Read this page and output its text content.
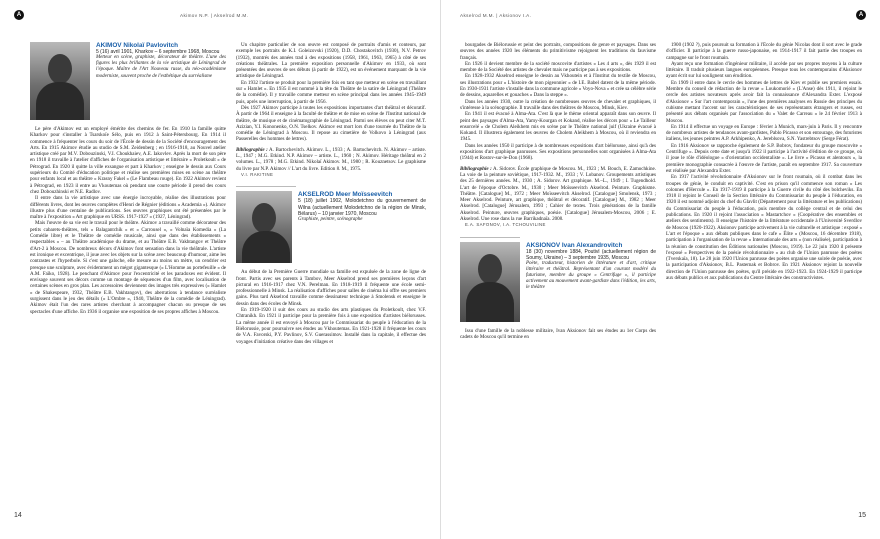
A	Akimov N.P. | Akselrod M.M.
AKIMOV Nikolaï Pavlovitch
5 (16) avril 1901, Kharkov – 6 septembre 1968, Moscou
Metteur en scène, graphiste, décorateur de théâtre. L'une des figures les plus brillantes de la vie artistique de Léningrad de l'époque. Maître de l'Art Nouveau russe, du néo-académisme moderniste, souvent proche de l'esthétique du surréalisme

Le père d'Akimov est un employé émérite des chemins de fer. En 1910 la famille quitte Kharkov pour s'installer à Tsarskoïe Sélo, puis en 1912 à Saint-Pétersbourg. En 1914 il commence à fréquenter les cours du soir de l'École de dessin de la Société d'encouragement des Arts. En 1915 Akimov étudie au studio de S.M. Zeidenberg ; en 1916-1918, au Nouvel atelier artistique créé par M.V. Dobouzinski, V.I. Choukhaiev, A.E. Iakovlev. Après la mort de son père en 1918 il travaille à l'atelier d'affiches de l'organisation artistique et littéraire « Proletkoult » de Pétrograd. En 1920 il quitte la ville exsangue et part à Kharkov ; enseigne le dessin aux Cours supérieurs du Comité d'éducation politique et réalise ses premières mises en scène au théâtre pour enfants local et au théâtre « Krasny Fakel » (Le Flambeau rouge). En 1922 Akimov revient à Pétrograd, en 1923 il entre au Vkoutemas où pendant une courte période il prend des cours chez Dobouzhinski et N.E. Radlov.

Il entre dans la vie artistique avec une énergie incroyable, réalise des illustrations pour différents livres, dont les œuvres complètes d'Henri de Régnier (éditions « Academia »). Akimov illustre plus d'une centaine de publications. Ses œuvres graphiques ont été présentées par le maître à l'exposition « Art graphique en URSS. 1917-1927 » (1927, Léningrad).

Mais l'œuvre de sa vie est le travail pour le théâtre. Akimov a travaillé comme décorateur des petits cabarets-théâtres, tels « Balagantchik » et « Carrousel », « Volnaïa Komedia » (La Comédie libre) et le Théâtre de comédie musicale, ainsi que dans des établissements « respectables » – au Théâtre académique du drame, et au Théâtre E.B. Vakhtangov et Théâtre d'Art-2 à Moscou. De nombreux décors d'Akimov font sensation dans la vie théâtrale. L'artiste est ironique et excentrique, il joue avec les objets sur la scène avec beaucoup d'humour, aime les contrastes et l'hyperbole. Si c'est une galoche, elle mesure au moins un mètre, un cendrier est presque une sculpture, avec évidemment un mégot gigantesque (« L'Homme au portefeuille » de A.M. Faïko, 1928). Le penchant d'Akimov pour l'excentricité et les paradoxes est évident. Il envisage souvent ses décors comme un montage de séquences d'un film, avec localisation de certaines scènes en gros plan. Les accessoires deviennent des images très expressives (« Hamlet » de Shakespeare, 1932, Théâtre E.B. Vakhtangov), des aberrations à tendance surréaliste surgissent dans le jeu des détails (« L'Ombre », 1940, Théâtre de la comédie de Léningrad). Akimov était l'un des rares artistes cherchant à accompagner chacun ou presque de ses spectacles d'une affiche. En 1936 il organise une exposition de ses propres affiches à Moscou.

Un chapitre particulier de son œuvre est composé de portraits d'amis et conteurs, par exemple les portraits de K.I. Goleizovski (1920), D.D. Chostakovitch (1930), N.V. Petrov (1932), montrés des années trad à des expositions (1958, 1961, 1963, 1965) à côté de ses créations théâtrales. La première exposition personnelle d'Akimov en 1933, où sont présentées des œuvres de ses débuts (à partir de 1922), est un événement marquant de la vie artistique de Léningrad.

En 1932 l'artiste se produit pour la première fois en tant que metteur en scène en travaillant sur « Hamlet ». En 1935 il est nommé à la tête du Théâtre de la satire de Léningrad (Théâtre de la comédie). Il y travaille comme metteur en scène principal dans les années 1945-1949 puis, après une interruption, à partir de 1956.

Dès 1927 Akimov participe à toutes les expositions importantes d'art théâtral et décoratif. À partir de 1964 il enseigne à la faculté de théâtre et de mise en scène de l'Institut national de théâtre, de musique et de cinématographie de Léningrad. Parmi ses élèves on peut citer M.T. Azizian, Y.I. Kononenko, O.N. Tselkov. Akimov est mort lors d'une tournée du Théâtre de la comédie de Léningrad à Moscou. Il repose au cimetière de Volkovo à Léningrad (aux Passerelles des hommes de lettres).

Bibliographie : A. Bartochevitch. Akimov. L., 1933 ; A. Bartochevitch. N. Akimov – artiste. L., 1947 ; M.G. Etkind. N.P. Akimov – artiste. L., 1960 ; N. Akimov. Héritage théâtral en 2 volumes. L., 1978 ; M.G. Etkind. Nikolaï Akimov. M., 1980 ; R. Kouznetsov. Le graphisme du livre par N.P. Akimov // L'art du livre. Edition 8. M., 1975.

V.I. RAKITINE

AKSELROD Meer Moïsseevitch
5 (18) juillet 1902, Molodetchno du gouvernement de Wilna (actuellement Molodetchno de la région de Minsk, Bélarus) – 10 janvier 1970, Moscou
Graphiste, peintre, scénographe

Au début de la Première Guerre mondiale sa famille est expulsée de la zone de ligne de front. Partis avec ses parents à Tambov, Meer Akselrod prend ses premières leçons d'art pictural en 1916-1917 chez V.N. Perelman. En 1918-1919 il fréquente une école semi-professionnelle à Minsk. La réalisation d'affiches pour salles de cinéma lui offre ses premiers gains. Plus tard Akselrod travaille comme dessinateur technique à Smolensk et enseigne le dessin dans des écoles de Minsk.

En 1919-1920 il suit des cours au studio des arts plastiques du Proletkoult, chez V.F. Chtranikh. En 1921 il participe pour la première fois à une exposition d'artistes biélorusses. La même année il est envoyé à Moscou par le Commissariat du peuple à l'éducation de la Biélorussie, pour poursuivre ses études au Vkhoutemas. En 1921-1928 il fréquente les cours de V.A. Favorski, P.Y. Pavlinov, S.V. Guerassimov. Installé dans la capitale, il effectue des voyages d'initiation créative dans des villages et

14
Akselrod M.M. | Aksionov I.A.	A

bourgades de Biélorussie et peint des portraits, compositions de genre et paysages. Dans ses œuvres des années 1920 les éléments du primitivisme rejoignent les traditions du fauvisme français.

En 1926 il devient membre de la société moscovite d'artistes « Les 4 arts », dès 1929 il est membre de la Société des artistes de chevalet mais ne participe pas à ses expositions.

En 1928-1932 Akselrod enseigne le dessin au Vkhoutein et à l'Institut du textile de Moscou, ses illustrations pour « L'histoire de mon pigeonnier » de I.E. Babel datent de la même période. En 1930-1931 l'artiste s'installe dans la commune agricole « Voyo-Nova » et crée sa célèbre série de dessins, aquarelles et gouaches « Dans la steppe ».

Dans les années 1930, outre la création de nombreuses œuvres de chevalet et graphiques, il s'intéresse à la scénographie. Il travaille dans des théâtres de Moscou, Minsk, Kiev.

En 1941 il est évacué à Alma-Ata. C'est là que le thème oriental apparaît dans son œuvre. Il peint des paysages d'Alma-Ata, Yamy-Kourgan et Kokand, réalise les décors pour « Le Tailleur ensorcelé » de Cholem Aleikhem mis en scène par le Théâtre national juif (Ukraine évacué à Kokand. Il illustrera également les œuvres de Cholem Aleikhem à Moscou, où il reviendra en 1945.

Dans les années 1950 il participe à de nombreuses expositions d'art biélorusse, ainsi qu'à des expositions d'art graphique panrusses. Ses expositions personnelles sont organisées à Alma-Ata (1944) et Rostov-sur-le-Don (1968).

Bibliographie : A. Sidorov. École graphique de Moscou. M., 1923 ; M. Bouch, E. Zamochkine. La voie de la peinture soviétique, 1917-1932. M., 1933 ; V. Lobanov. Groupements artistiques des 25 dernières années. M., 1930 ; A. Sidorov. Art graphique. M.–L., 1949 ; I. Tugendhold. L'art de l'époque d'Octobre. M., 1930 ; Meer Moïsseevitch Akselrod. Peinture. Graphisme. Théâtre. [Catalogue] M., 1972 ; Meer Moïsseevitch Akselrod. [Catalogue] Smolensk, 1973 ; Meer Akselrod. Peinture, art graphique, théâtral et décoratif. [Catalogue] M., 1982 ; Meer Akselrod. [Catalogue] Jérusalem, 1993 ; Cahier de textes. Trois générations de la famille Akselrod. Peinture, œuvres graphiques, poésie. [Catalogue] Jérusalem-Moscou, 2006 ; E. Akselrod. Une rose dans la rue Barrikadnaïa. 2008.

E.A. SAFONOV, I.A. TCHOUVILINE

AKSIONOV Ivan Alexandrovitch
18 (30) novembre 1884, Poutivl (actuellement région de Soumy, Ukraine) – 3 septembre 1935, Moscou
Poète, traducteur, historien de littérature et d'art, critique littéraire et théâtral. Représentant d'un courant modéré du futurisme, membre du groupe « Centrifuge », il participe activement au mouvement avant-gardiste dans l'édition, les arts, le théâtre

Issu d'une famille de la noblesse militaire, Ivan Aksionov fait ses études au 1er Corps des cadets de Moscou qu'il termine en

1900 (1902 ?), puis poursuit sa formation à l'École du génie Nicolas dont il sort avec le grade d'officier. Il participe à la guerre russo-japonaise, en 1914-1917 il fait partie des troupes en campagne sur le front roumain.

Ayant reçu une formation d'ingénieur militaire, il accède par ses propres moyens à la culture littéraire. Il traduit plusieurs langues européennes. Presque tous les contemporains d'Aksionov ayant écrit sur lui soulignent son érudition.

En 1909 il entre dans le cercle des hommes de lettres de Kiev et publie ses premiers essais. Membre du conseil de rédaction de la revue « Loukomorié » (L'Anse) dès 1911, il rejoint le cercle des artistes novateurs après avoir fait la connaissance d'Alexandra Exter. L'exposé d'Aksionov « Sur l'art contemporain », l'une des premières analyses en Russie des principes du cubisme mettant l'accent sur les caractéristiques de ses représentants étrangers et russes, est présenté aux débats organisés par l'association du « Valet de Carreau » le 24 février 1913 à Moscou.

En 1914 il effectue un voyage en Europe : février à Munich, mars-juin à Paris. Il y rencontre de nombreux artistes de tendances avant-gardistes, Pablo Picasso et son entourage, des futuristes italiens, les jeunes peintres A.P. Arkhipenko, A. Jereblsova, S.N. Yastrebtsov (Serge Férat).

En 1916 Aksionov se rapproche également de S.P. Bobrov, fondateur du groupe moscovite « Centrifuge ». Depuis cette date et jusqu'à 1922 il participe à l'activité d'édition de ce groupe, où il joue le rôle d'idéologue « d'orientation occidentaliste ». Le livre « Picasso et alentours », la première monographie consacrée à l'œuvre de l'artiste, paraît en septembre 1917. Sa couverture est réalisée par Alexandra Exter.

En 1917 l'activité révolutionnaire d'Aksionov sur le front roumain, où il combat dans les troupes de génie, le conduit en captivité. C'est en prison qu'il commence son roman « Les colonnes d'Hercule ». En 1917-1919 il participe à la Guerre civile du côté des bolcheviks. En 1918 il rejoint le Conseil de la Section littéraire du Commissariat du peuple à l'éducation, en 1920 il est nommé adjoint du chef du Glavlit (Département pour la littérature et les publications) du Commissariat du peuple à l'éducation, puis membre du collège central et de celui des publications. En 1920 il rejoint l'association « Mastartchov » (Coopérative des ensembles et ateliers des sentiments). Il enseigne l'histoire de la littérature occidentale à l'Université Sverdlov de Moscou (1920-1922). Aksionov participe activement à la vie culturelle et artistique : exposé « L'art et l'époque » aux débats publiques dans le cafe « Élite » (Moscou, 16 décembre 1918), participation à l'organisation de la revue « Internationale des arts » (non réalisée), participation à la réunion de constitution des Éditions nationales (Moscou, 1919). Le 22 juin 1920 il présente l'exposé « Perspectives de la poésie révolutionnaire » au club de l'Union panrusse des poètes (Tverskaïa, 18). Le 28 juin 1920 l'Union panrusse des poètes organise une soirée de poésie, avec la participation d'Aksionov, B.L. Pasternak et Bobrov. En 1921 Aksionov rejoint la nouvelle direction de l'Union panrusse des poètes, qu'il préside en 1922-1923. En 1924-1929 il participe aux débats publics et aux publications du Centre littéraire des constructivistes.

15
